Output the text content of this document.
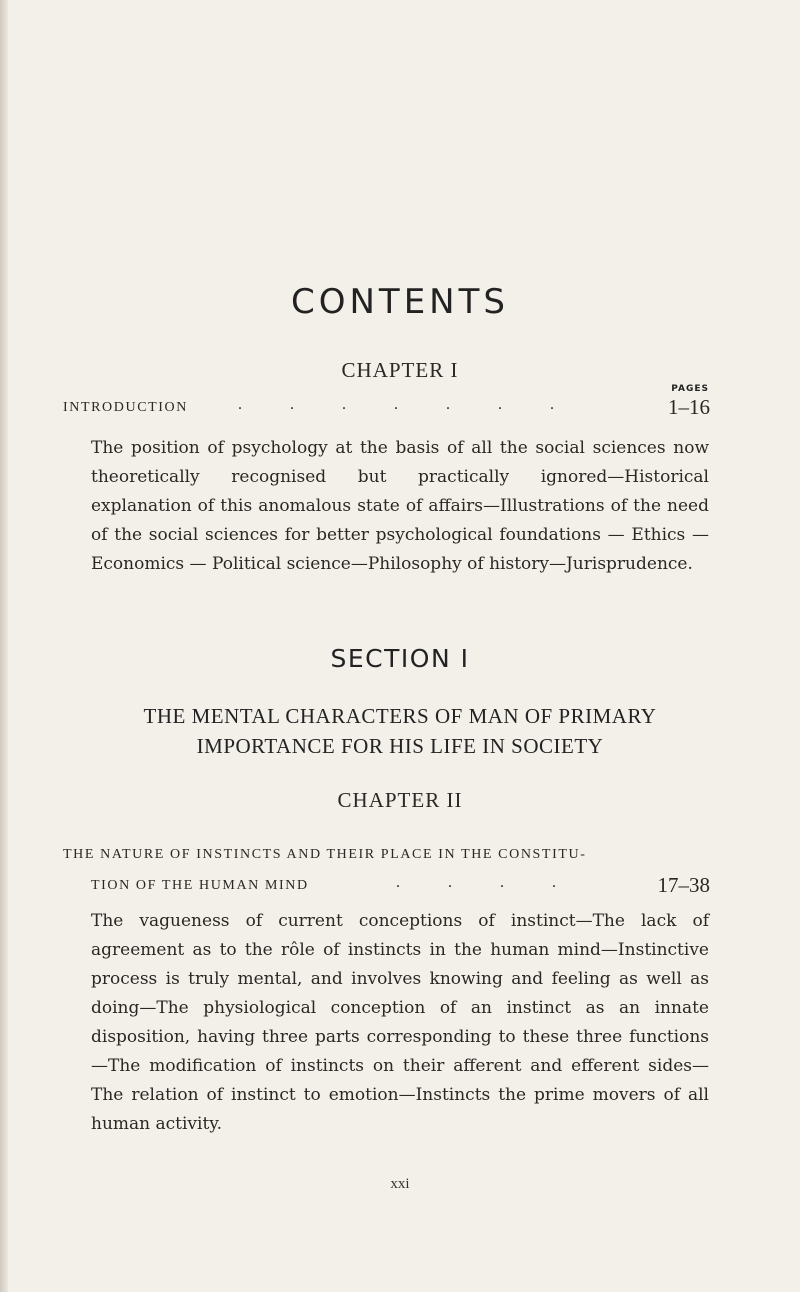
CONTENTS
CHAPTER I
PAGES
INTRODUCTION	. . . . . . .	1–16
The position of psychology at the basis of all the social sciences now theoretically recognised but practically ignored—Historical explanation of this anomalous state of affairs—Illustrations of the need of the social sciences for better psychological foundations — Ethics — Economics — Political science—Philosophy of history—Jurisprudence.
SECTION I
THE MENTAL CHARACTERS OF MAN OF PRIMARY
IMPORTANCE FOR HIS LIFE IN SOCIETY
CHAPTER II
THE NATURE OF INSTINCTS AND THEIR PLACE IN THE CONSTITU-
TION OF THE HUMAN MIND	. . . .	17–38
The vagueness of current conceptions of instinct—The lack of agreement as to the rôle of instincts in the human mind—Instinctive process is truly mental, and involves knowing and feeling as well as doing—The physiological conception of an instinct as an innate disposition, having three parts corresponding to these three functions—The modification of instincts on their afferent and efferent sides—The relation of instinct to emotion—Instincts the prime movers of all human activity.
xxi
